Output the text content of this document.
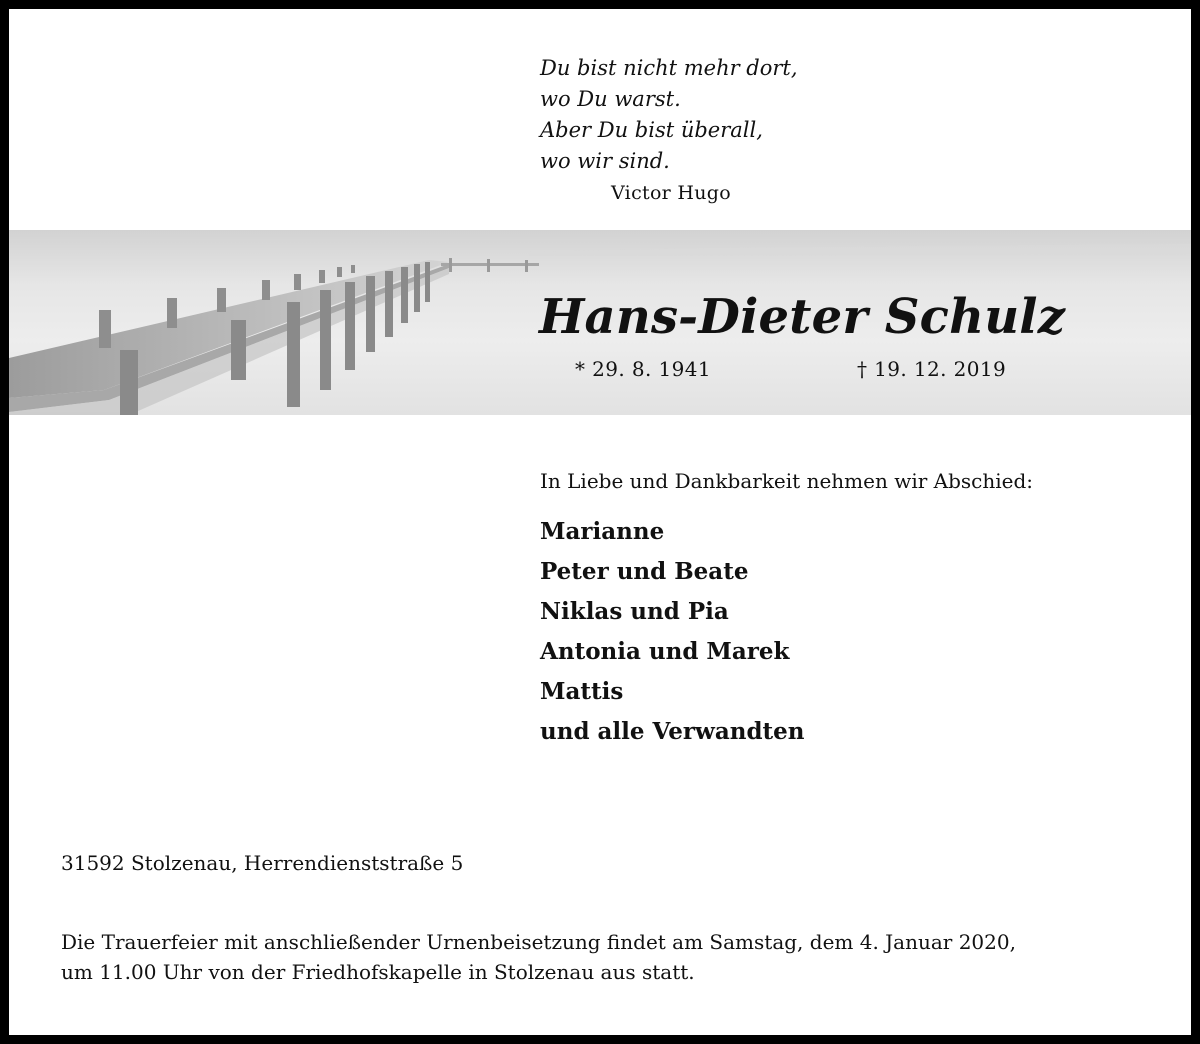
Du bist nicht mehr dort,
wo Du warst.
Aber Du bist überall,
wo wir sind.
Victor Hugo
Hans-Dieter Schulz
* 29. 8. 1941	† 19. 12. 2019
In Liebe und Dankbarkeit nehmen wir Abschied:
Marianne
Peter und Beate
Niklas und Pia
Antonia und Marek
Mattis
und alle Verwandten
31592 Stolzenau, Herrendienststraße 5
Die Trauerfeier mit anschließender Urnenbeisetzung findet am Samstag, dem 4. Januar 2020,
um 11.00 Uhr von der Friedhofskapelle in Stolzenau aus statt.
